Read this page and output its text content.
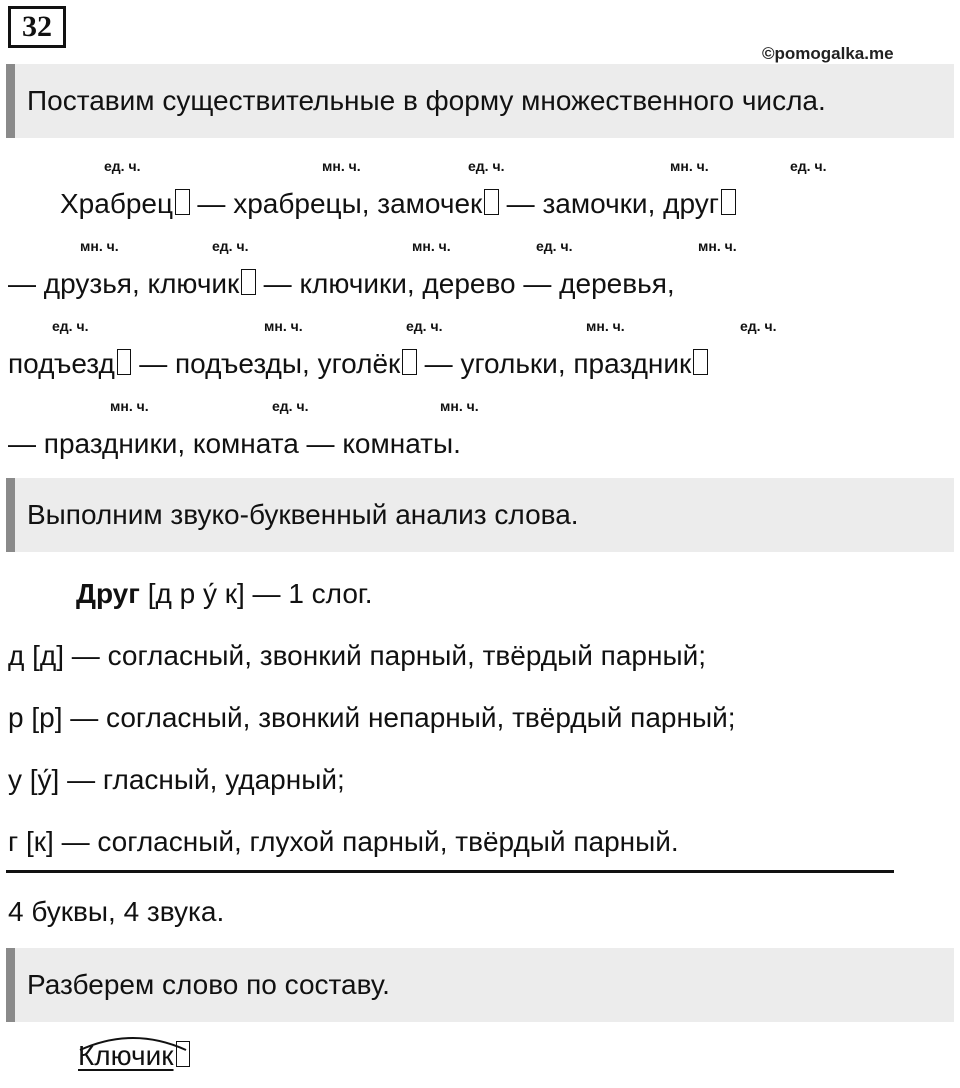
32
©pomogalka.me
Поставим существительные в форму множественного числа.
ед. ч.	мн. ч.	ед. ч.	мн. ч.	ед. ч.
Храбрец — храбрецы, замочек — замочки, друг
мн. ч.	ед. ч.	мн. ч.	ед. ч.	мн. ч.
— друзья, ключик — ключики, дерево — деревья,
ед. ч.	мн. ч.	ед. ч.	мн. ч.	ед. ч.
подъезд — подъезды, уголёк — угольки, праздник
мн. ч.	ед. ч.	мн. ч.
— праздники, комната — комнаты.
Выполним звуко-буквенный анализ слова.
Друг [д р у́ к] — 1 слог.
д [д] — согласный, звонкий парный, твёрдый парный;
р [р] — согласный, звонкий непарный, твёрдый парный;
у [у́] — гласный, ударный;
г [к] — согласный, глухой парный, твёрдый парный.
4 буквы, 4 звука.
Разберем слово по составу.
Ключик
